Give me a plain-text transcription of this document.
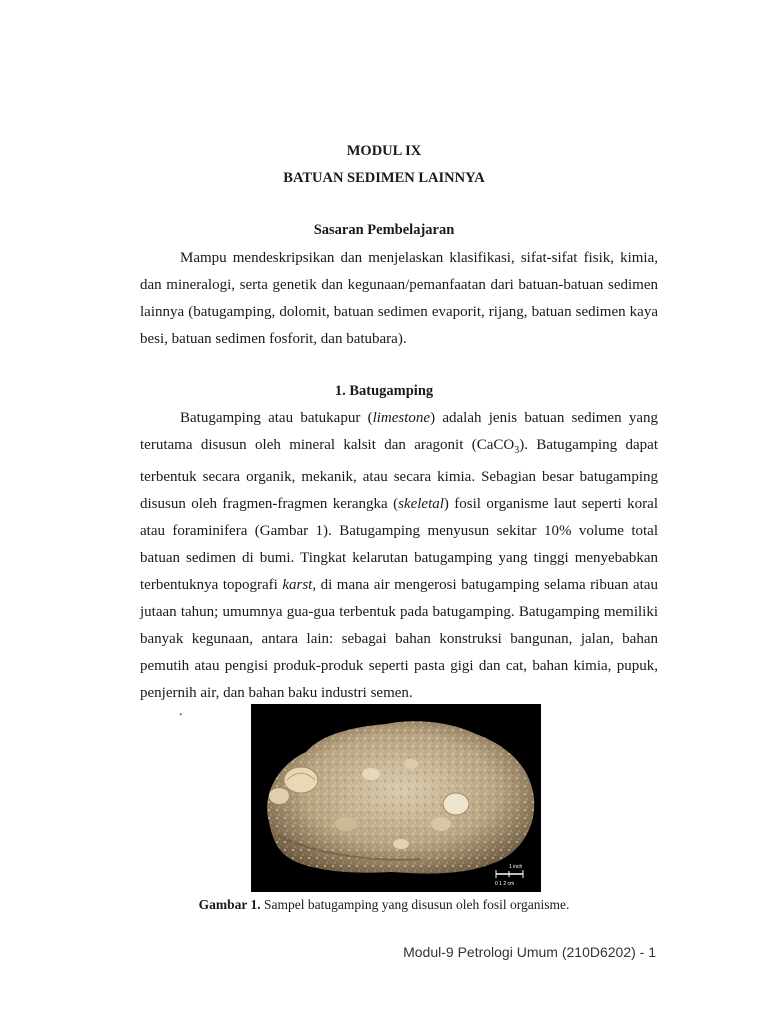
MODUL IX
BATUAN SEDIMEN LAINNYA
Sasaran Pembelajaran

Mampu mendeskripsikan dan menjelaskan klasifikasi, sifat-sifat fisik, kimia, dan mineralogi, serta genetik dan kegunaan/pemanfaatan dari batuan-batuan sedimen lainnya (batugamping, dolomit, batuan sedimen evaporit, rijang, batuan sedimen kaya besi, batuan sedimen fosforit, dan batubara).

1. Batugamping

Batugamping atau batukapur (limestone) adalah jenis batuan sedimen yang terutama disusun oleh mineral kalsit dan aragonit (CaCO$_3$). Batugamping dapat terbentuk secara organik, mekanik, atau secara kimia. Sebagian besar batugamping disusun oleh fragmen-fragmen kerangka (skeletal) fosil organisme laut seperti koral atau foraminifera (Gambar 1). Batugamping menyusun sekitar 10% volume total batuan sedimen di bumi. Tingkat kelarutan batugamping yang tinggi menyebabkan terbentuknya topografi karst, di mana air mengerosi batugamping selama ribuan atau jutaan tahun; umumnya gua-gua terbentuk pada batugamping. Batugamping memiliki banyak kegunaan, antara lain: sebagai bahan konstruksi bangunan, jalan, bahan pemutih atau pengisi produk-produk seperti pasta gigi dan cat, bahan kimia, pupuk, penjernih air, dan bahan baku industri semen.

.
1 inch
0 1 2 cm
Gambar 1. Sampel batugamping yang disusun oleh fosil organisme.
Modul-9 Petrologi Umum (210D6202) - 1
